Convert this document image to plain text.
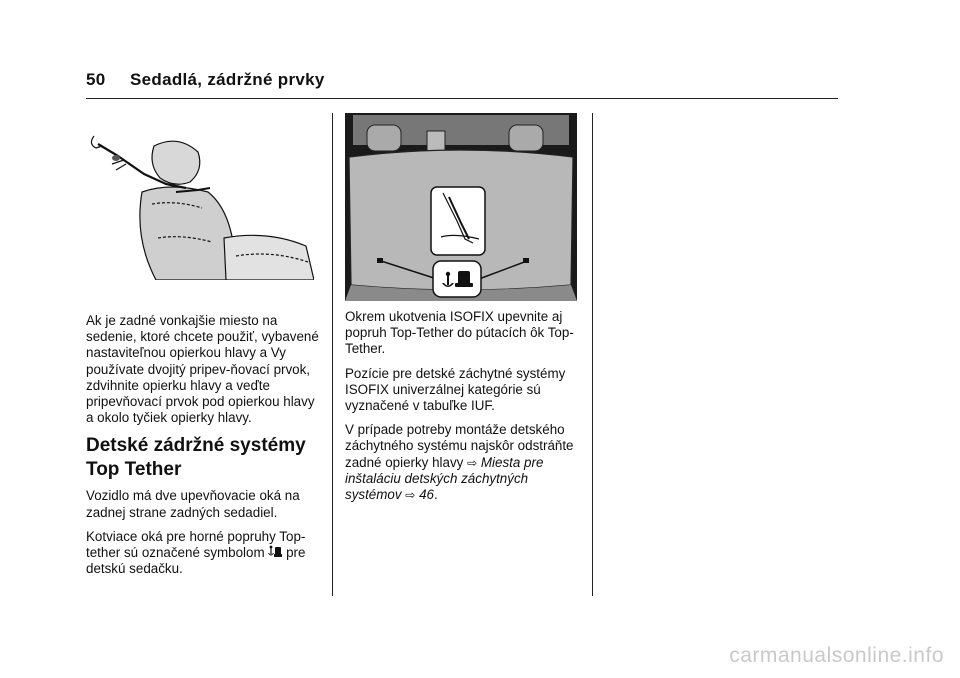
50 Sedadlá, zádržné prvky

Ak je zadné vonkajšie miesto na sedenie, ktoré chcete použiť, vybavené nastaviteľnou opierkou hlavy a Vy používate dvojitý pripev-ňovací prvok, zdvihnite opierku hlavy a veďte pripevňovací prvok pod opierkou hlavy a okolo tyčiek opierky hlavy.

Detské zádržné systémy Top Tether

Vozidlo má dve upevňovacie oká na zadnej strane zadných sedadiel.

Kotviace oká pre horné popruhy Top-tether sú označené symbolom pre detskú sedačku.

Okrem ukotvenia ISOFIX upevnite aj popruh Top-Tether do pútacích ôk Top-Tether.

Pozície pre detské záchytné systémy ISOFIX univerzálnej kategórie sú vyznačené v tabuľke IUF.

V prípade potreby montáže detského záchytného systému najskôr odstráňte zadné opierky hlavy ⇨ Miesta pre inštaláciu detských záchytných systémov ⇨ 46.

carmanualsonline.info
